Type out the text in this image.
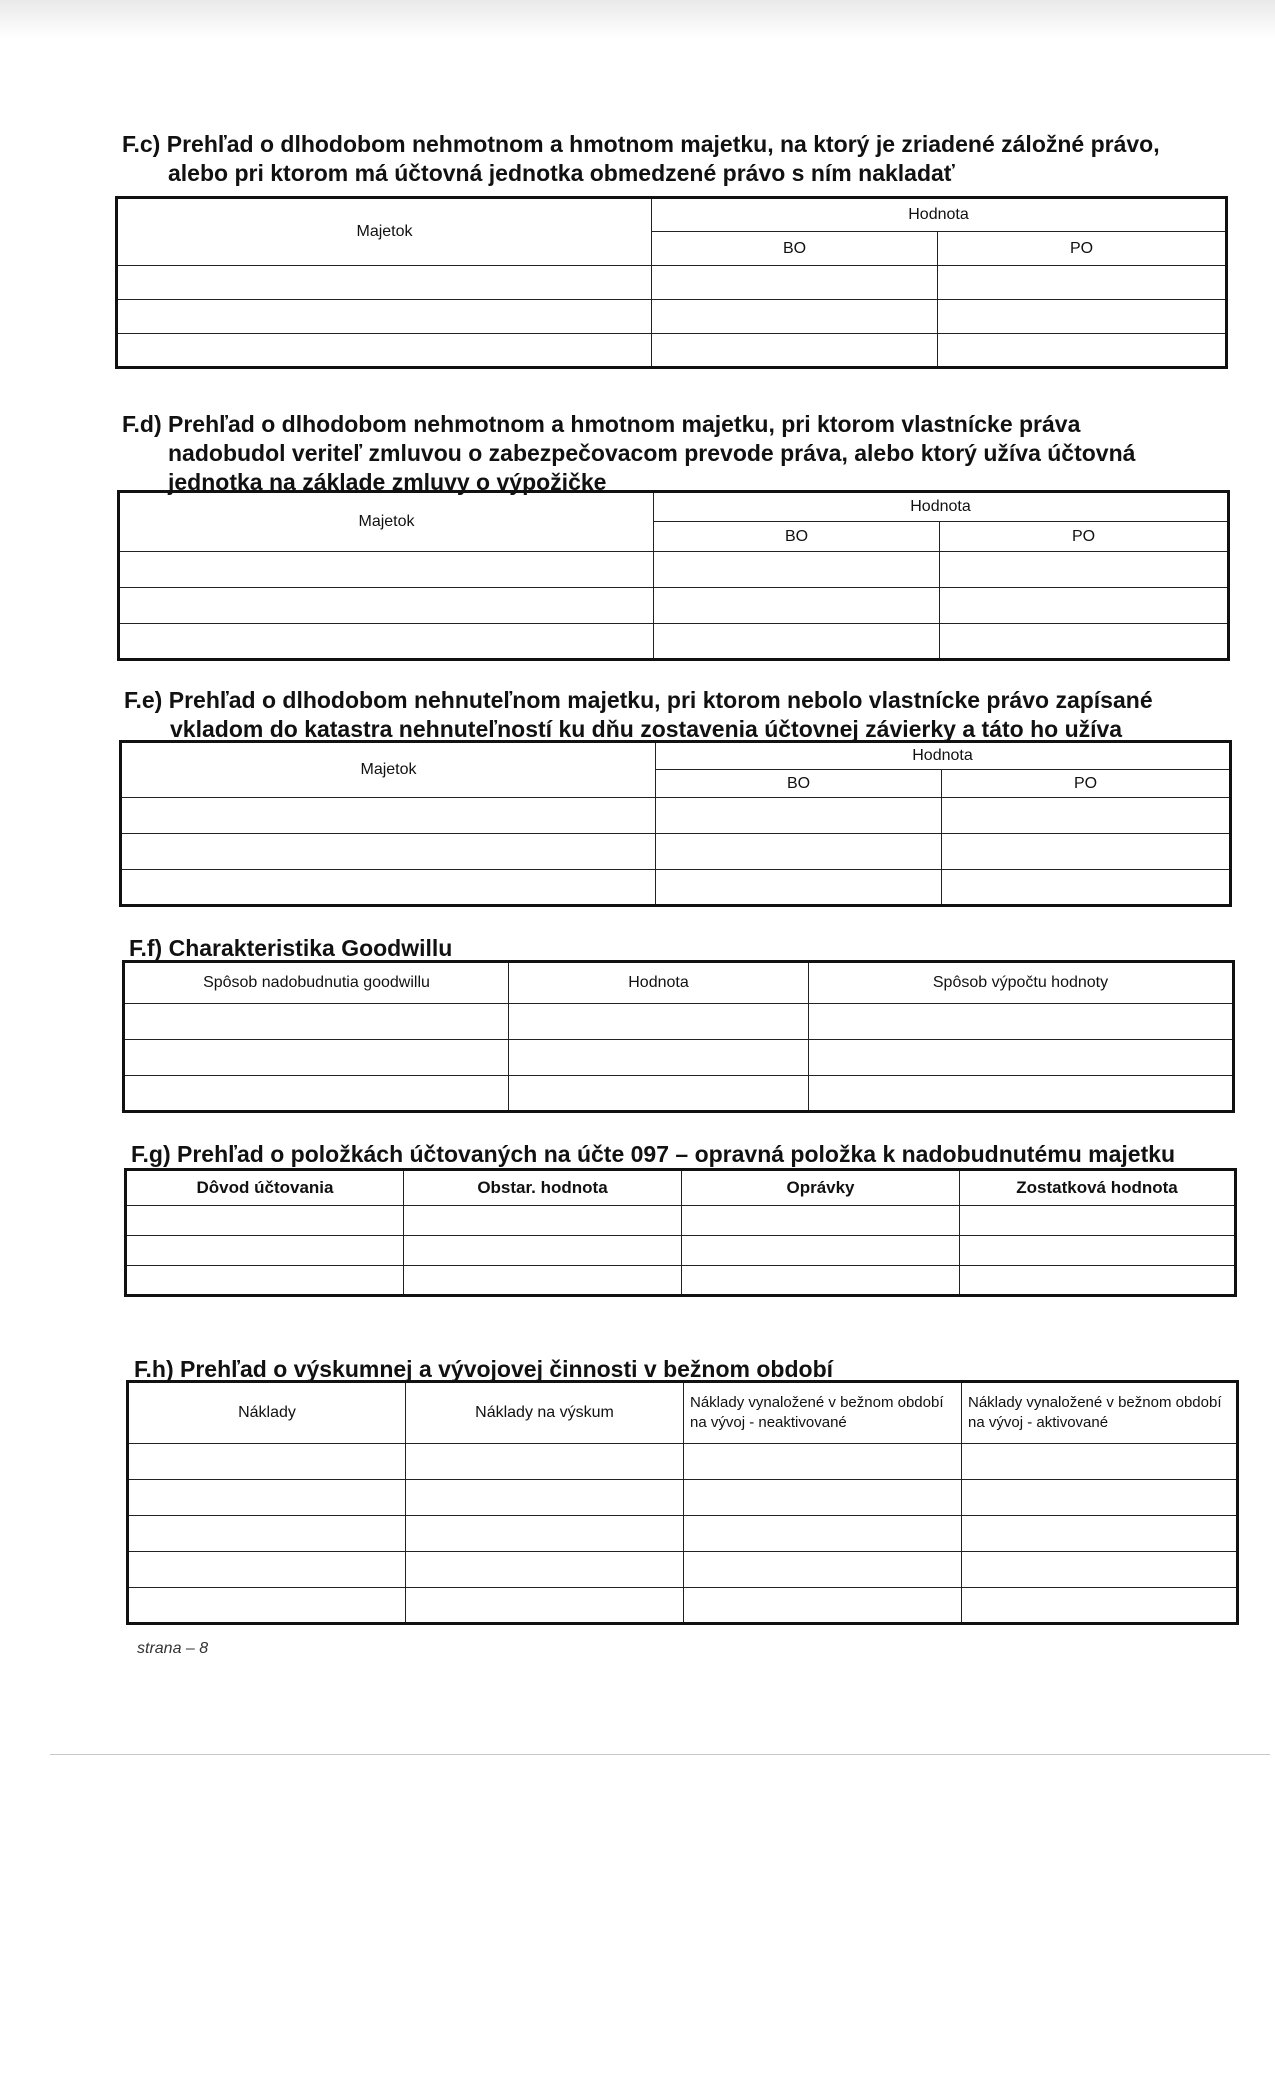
F.c) Prehľad o dlhodobom nehmotnom a hmotnom majetku, na ktorý je zriadené záložné právo,
alebo pri ktorom má účtovná jednotka obmedzené právo s ním nakladať
Majetok	Hodnota	
	BO	PO

F.d) Prehľad o dlhodobom nehmotnom a hmotnom majetku, pri ktorom vlastnícke práva
nadobudol veriteľ zmluvou o zabezpečovacom prevode práva, alebo ktorý užíva účtovná
jednotka na základe zmluvy o výpožičke
Majetok	Hodnota	
	BO	PO

F.e) Prehľad o dlhodobom nehnuteľnom majetku, pri ktorom nebolo vlastnícke právo zapísané
vkladom do katastra nehnuteľností ku dňu zostavenia účtovnej závierky a táto ho užíva
Majetok	Hodnota	
	BO	PO

F.f) Charakteristika Goodwillu
Spôsob nadobudnutia goodwillu	Hodnota	Spôsob výpočtu hodnoty

F.g) Prehľad o položkách účtovaných na účte 097 – opravná položka k nadobudnutému majetku
Dôvod účtovania	Obstar. hodnota	Oprávky	Zostatková hodnota

F.h) Prehľad o výskumnej a vývojovej činnosti v bežnom období
Náklady	Náklady na výskum	Náklady vynaložené v bežnom období na vývoj - neaktivované	Náklady vynaložené v bežnom období na vývoj - aktivované

strana – 8
